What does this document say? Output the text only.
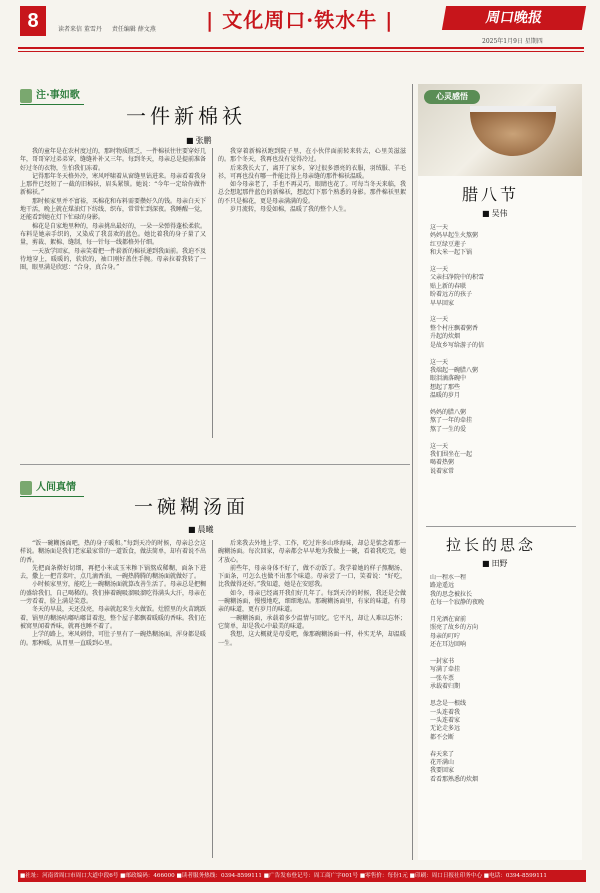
8	读者来信 董雪丹 责任编辑 薛文燕	| 文化周口·铁水牛 |	周口晚报
2025年1月9日 星期四
注·事如歌
一件新棉袄
■ 张鹏

我的童年是在农村度过的，那时物质匮乏，一件棉袄往往要穿好几年，哥哥穿过弟弟穿，缝缝补补又三年。每到冬天，母亲总是提前准备好过冬的衣物，生怕我们冻着。

记得那年冬天格外冷，寒风呼啸着从窗缝里钻进来。母亲看着我身上那件已经短了一截的旧棉袄，眉头紧锁。她说：“今年一定给你做件新棉袄。”

那时候家里并不富裕，买棉花和布料需要攒好久的钱。母亲白天下地干活，晚上就在煤油灯下纺线、织布，常常忙到深夜。我睡醒一觉，还能看到她在灯下忙碌的身影。

棉花是自家地里种的，母亲挑出最好的，一朵一朵弹得蓬松柔软。布料是她亲手织的，又染成了我喜欢的蓝色。她比着我的身子量了又量，剪裁、絮棉、缝制，每一针每一线都格外仔细。

一天放学回家，母亲笑着把一件崭新的棉袄递到我面前。我迫不及待地穿上，暖暖的，软软的，袖口刚好盖住手腕。母亲拉着我转了一圈，眼里满是欣慰：“合身，真合身。”

我穿着新棉袄跑到院子里，在小伙伴面前转来转去，心里美滋滋的。那个冬天，我再也没有觉得冷过。

后来我长大了，离开了家乡，穿过很多漂亮的衣服，羽绒服、羊毛衫，可再也没有哪一件能比得上母亲缝的那件棉袄温暖。

如今母亲老了，手也不再灵巧，眼睛也花了。可每当冬天来临，我总会想起那件蓝色的新棉袄，想起灯下那个熟悉的身影。那件棉袄里絮的不只是棉花，更是母亲满满的爱。

岁月流转，母爱如棉，温暖了我的整个人生。

人间真情
一碗糊汤面
■ 晨曦

“饭一碗糊汤面吧，热的身子暖和。”每到天冷的时候，母亲总会这样说。糊汤面是我们老家最家常的一道饭食，做法简单，却有着说不出的香。

先把面条擀好切细，再把小米或玉米糁下锅熬成稀糊，面条下进去，撒上一把青菜叶，点几滴香油，一碗热腾腾的糊汤面就做好了。

小时候家里穷，能吃上一碗糊汤面就算改善生活了。母亲总是把稠的盛给我们，自己喝稀的。我们捧着碗吸溜吸溜吃得满头大汗，母亲在一旁看着，脸上满是笑意。

冬天的早晨，天还没亮，母亲就起来生火做饭。灶膛里的火苗跳跃着，锅里的糊汤咕嘟咕嘟冒着泡，整个屋子都飘着暖暖的香味。我们在被窝里闻着香味，就再也睡不着了。

上学的路上，寒风刺骨，可肚子里有了一碗热糊汤面，浑身都是暖的。那种暖，从胃里一直暖到心里。

后来我去外地上学、工作，吃过许多山珍海味，却总是惦念着那一碗糊汤面。每次回家，母亲都会早早地为我做上一碗，看着我吃完，她才放心。

前些年，母亲身体不好了，做不动饭了。我学着她的样子熬糊汤、下面条，可怎么也做不出那个味道。母亲尝了一口，笑着说：“好吃，比我做得还好。”我知道，她是在安慰我。

如今，母亲已经离开我们好几年了。每到天冷的时候，我还是会做一碗糊汤面，慢慢地吃，细细地品。那碗糊汤面里，有家的味道，有母亲的味道，更有岁月的味道。

一碗糊汤面，承载着多少温情与回忆。它平凡，却让人难以忘怀；它简单，却是我心中最美的味道。

我想，这大概就是母爱吧，像那碗糊汤面一样，朴实无华，却温暖一生。

心灵感悟
腊八节
■ 吴伟
这一天
妈妈早起生火熬粥
红豆绿豆莲子
和大米一起下锅

这一天
父亲扫净院中的积雪
贴上新的春联
盼着远方的孩子
早早回家

这一天
整个村庄飘着粥香
升起的炊烟
是故乡写给游子的信

这一天
我端起一碗腊八粥
眼泪滴落碗中
想起了那些
温暖的岁月

妈妈的腊八粥
熬了一年的牵挂
熬了一生的爱

这一天
我们围坐在一起
喝着热粥
说着家常
拉长的思念
■ 田野
山一程水一程
路途遥远
我的思念被拉长
在每一个寂静的夜晚

月光洒在窗前
照亮了故乡的方向
母亲的叮咛
还在耳边回响

一封家书
写满了牵挂
一张车票
承载着归期

思念是一根线
一头连着我
一头连着家
无论走多远
都不会断

春天来了
花开满山
我要回家
看看那熟悉的炊烟
■社址：河南省周口市周口大道中段6号 ■邮政编码：466000 ■读者服务热线：0394-8599111 ■广告发布登记号：周工商广字001号 ■零售价：每份1元 ■印刷：周口日报社印务中心 ■电话：0394-8599111
